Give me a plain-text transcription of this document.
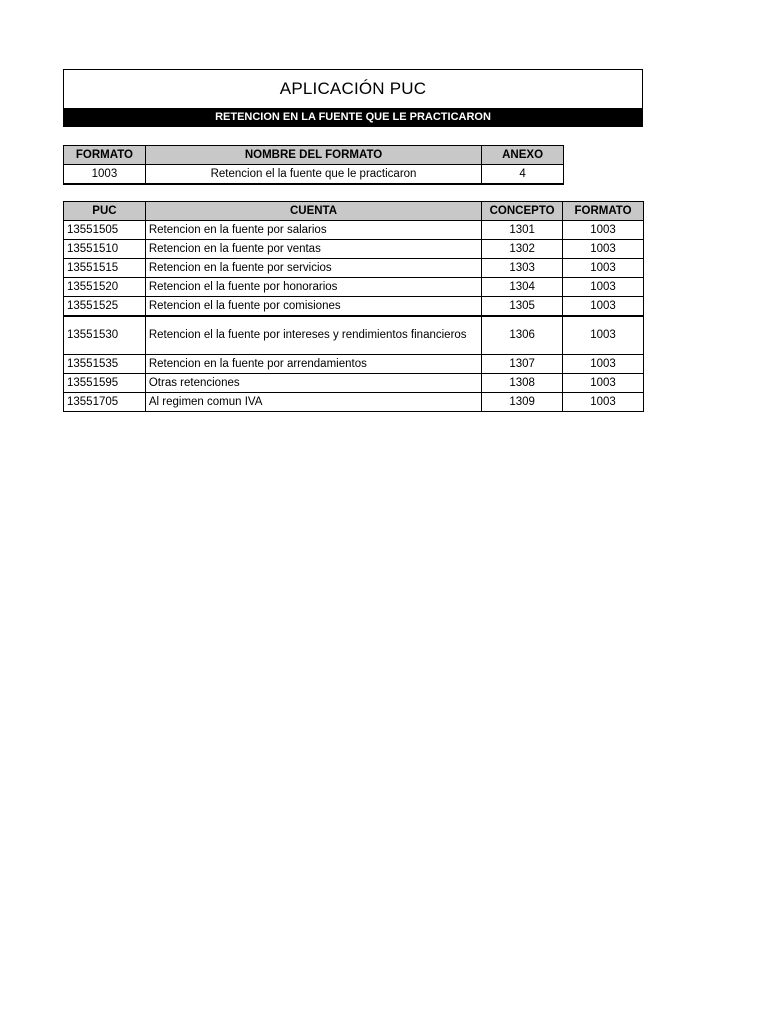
APLICACIÓN PUC
RETENCION EN LA FUENTE QUE LE PRACTICARON
FORMATO	NOMBRE DEL FORMATO	ANEXO
1003	Retencion el la fuente que le practicaron	4
PUC	CUENTA	CONCEPTO	FORMATO
13551505	Retencion en la fuente por salarios	1301	1003
13551510	Retencion en la fuente por ventas	1302	1003
13551515	Retencion en la fuente por servicios	1303	1003
13551520	Retencion el la fuente por honorarios	1304	1003
13551525	Retencion el la fuente por comisiones	1305	1003
13551530	Retencion el la fuente por intereses y rendimientos financieros	1306	1003
13551535	Retencion en la fuente por arrendamientos	1307	1003
13551595	Otras retenciones	1308	1003
13551705	Al regimen comun IVA	1309	1003
